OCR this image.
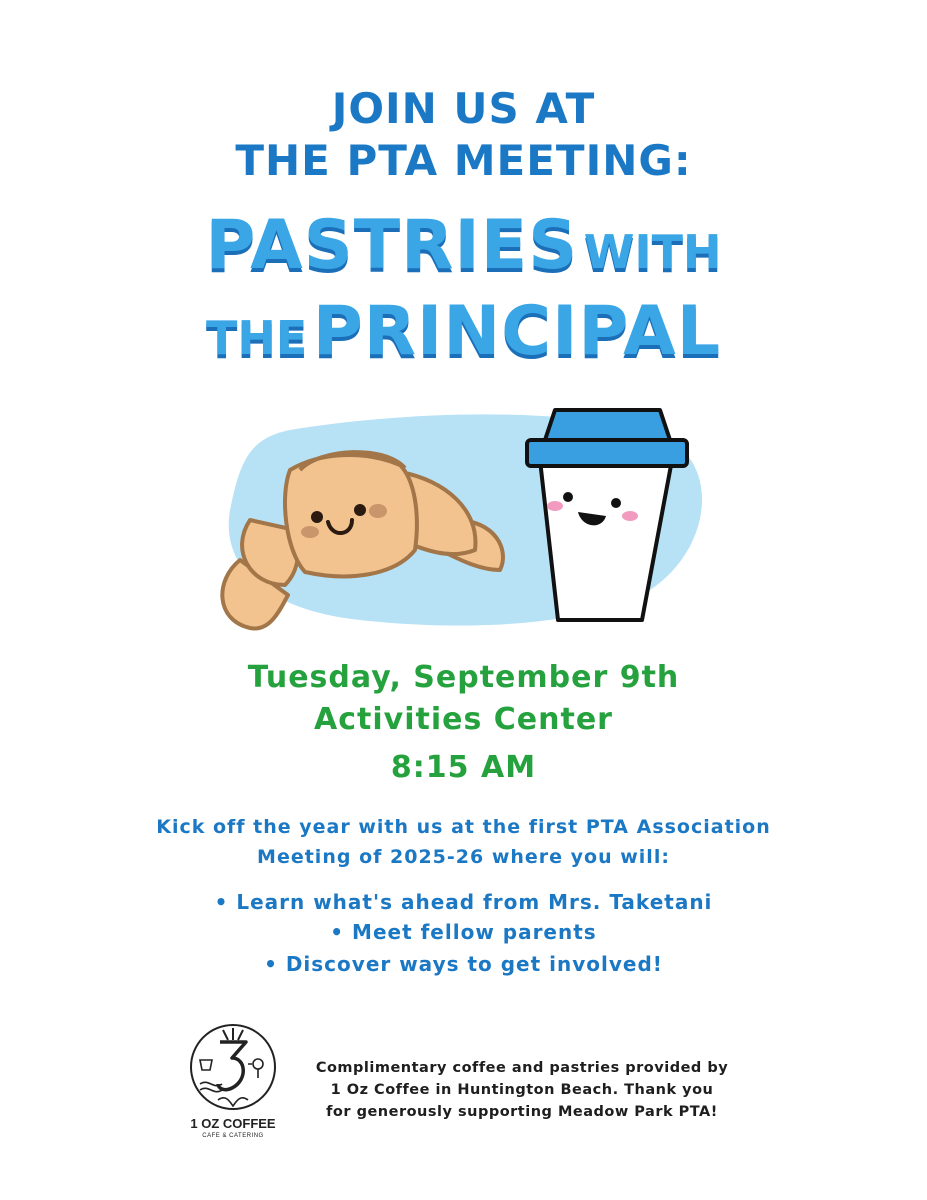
JOIN US AT
THE PTA MEETING:
PASTRIES WITH
THE PRINCIPAL
Tuesday, September 9th
Activities Center
8:15 AM
Kick off the year with us at the first PTA Association
Meeting of 2025-26 where you will:
• Learn what's ahead from Mrs. Taketani
• Meet fellow parents
• Discover ways to get involved!
1 OZ COFFEE
CAFE & CATERING
Complimentary coffee and pastries provided by
1 Oz Coffee in Huntington Beach. Thank you
for generously supporting Meadow Park PTA!
